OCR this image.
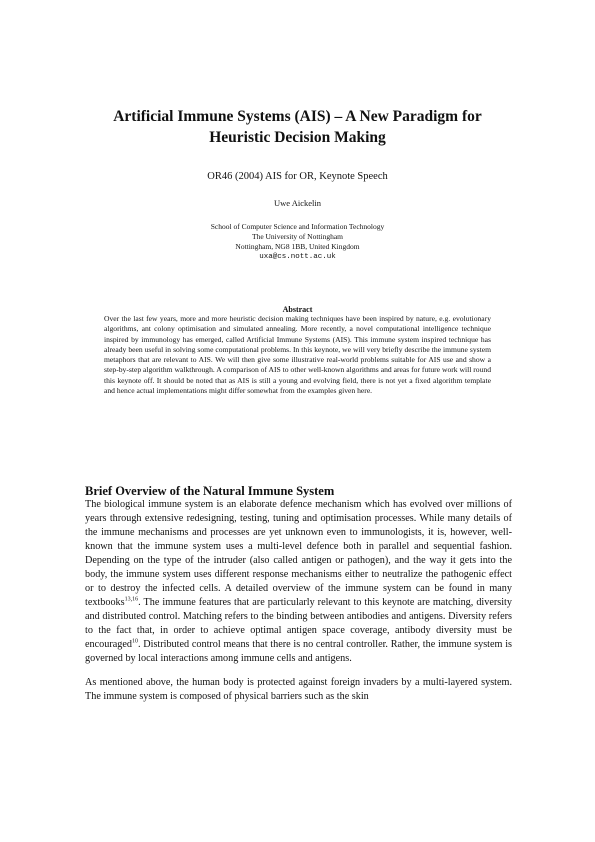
Artificial Immune Systems (AIS) – A New Paradigm for
Heuristic Decision Making
OR46 (2004) AIS for OR, Keynote Speech
Uwe Aickelin
School of Computer Science and Information Technology
The University of Nottingham
Nottingham, NG8 1BB, United Kingdom
uxa@cs.nott.ac.uk
Abstract

Over the last few years, more and more heuristic decision making techniques have been inspired by nature, e.g. evolutionary algorithms, ant colony optimisation and simulated annealing. More recently, a novel computational intelligence technique inspired by immunology has emerged, called Artificial Immune Systems (AIS). This immune system inspired technique has already been useful in solving some computational problems. In this keynote, we will very briefly describe the immune system metaphors that are relevant to AIS. We will then give some illustrative real-world problems suitable for AIS use and show a step-by-step algorithm walkthrough. A comparison of AIS to other well-known algorithms and areas for future work will round this keynote off. It should be noted that as AIS is still a young and evolving field, there is not yet a fixed algorithm template and hence actual implementations might differ somewhat from the examples given here.

Brief Overview of the Natural Immune System

The biological immune system is an elaborate defence mechanism which has evolved over millions of years through extensive redesigning, testing, tuning and optimisation processes. While many details of the immune mechanisms and processes are yet unknown even to immunologists, it is, however, well-known that the immune system uses a multi-level defence both in parallel and sequential fashion. Depending on the type of the intruder (also called antigen or pathogen), and the way it gets into the body, the immune system uses different response mechanisms either to neutralize the pathogenic effect or to destroy the infected cells. A detailed overview of the immune system can be found in many textbooks$^{13,16}$. The immune features that are particularly relevant to this keynote are matching, diversity and distributed control. Matching refers to the binding between antibodies and antigens. Diversity refers to the fact that, in order to achieve optimal antigen space coverage, antibody diversity must be encouraged$^{10}$. Distributed control means that there is no central controller. Rather, the immune system is governed by local interactions among immune cells and antigens.

As mentioned above, the human body is protected against foreign invaders by a multi-layered system. The immune system is composed of physical barriers such as the skin
